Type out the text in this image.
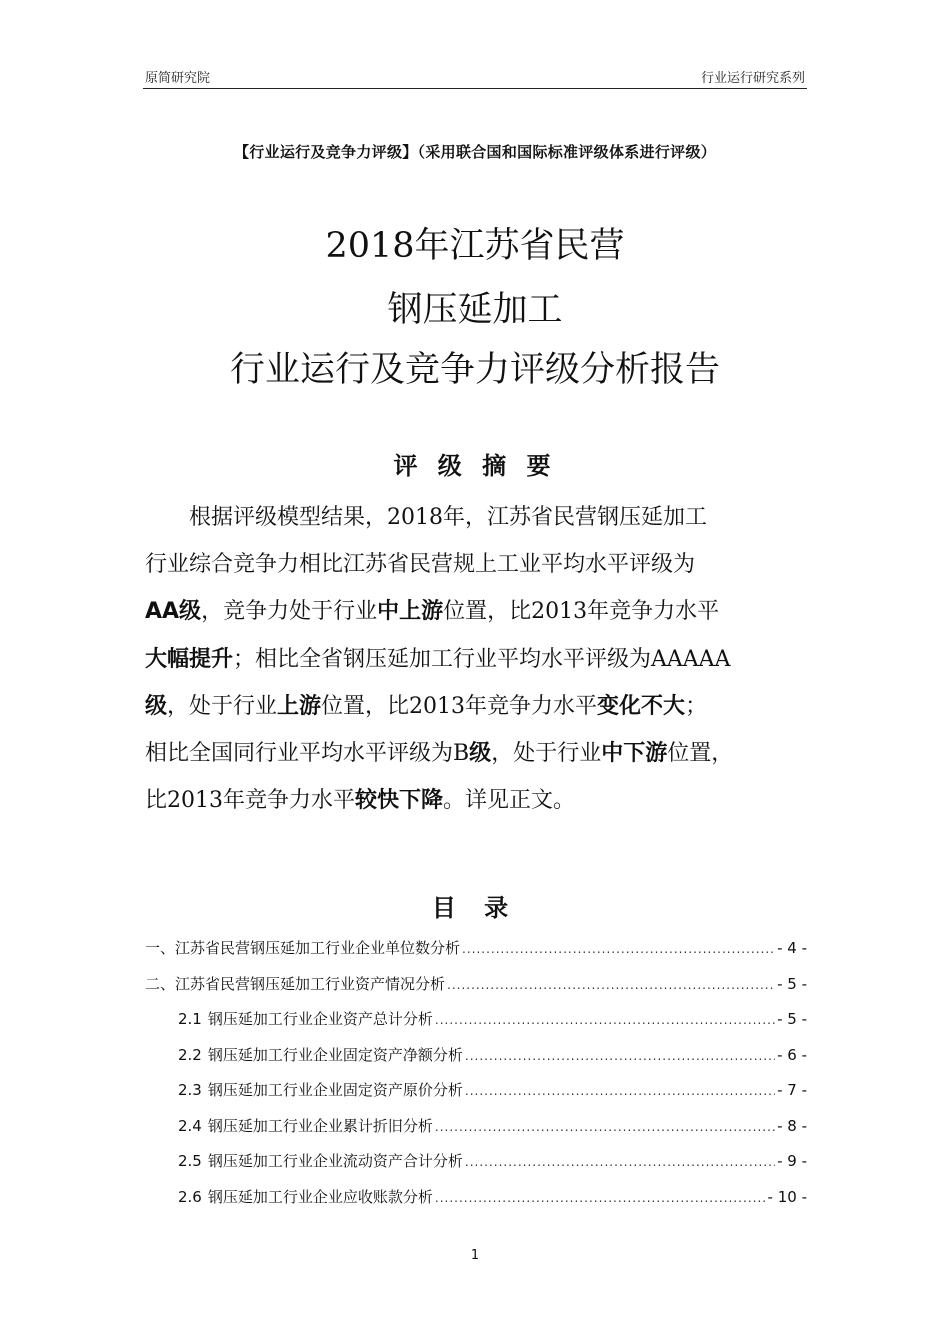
原简研究院	行业运行研究系列
【行业运行及竞争力评级】（采用联合国和国际标准评级体系进行评级）
2018年江苏省民营
钢压延加工
行业运行及竞争力评级分析报告
评 级 摘 要
根据评级模型结果，2018年，江苏省民营钢压延加工
行业综合竞争力相比江苏省民营规上工业平均水平评级为
AA级，竞争力处于行业中上游位置，比2013年竞争力水平
大幅提升；相比全省钢压延加工行业平均水平评级为AAAAA
级，处于行业上游位置，比2013年竞争力水平变化不大；
相比全国同行业平均水平评级为B级，处于行业中下游位置，
比2013年竞争力水平较快下降。详见正文。
目 录
一、江苏省民营钢压延加工行业企业单位数分析 .....	- 4 -
二、江苏省民营钢压延加工行业资产情况分析 .....	- 5 -
2.1 钢压延加工行业企业资产总计分析 .....	- 5 -
2.2 钢压延加工行业企业固定资产净额分析 .....	- 6 -
2.3 钢压延加工行业企业固定资产原价分析 .....	- 7 -
2.4 钢压延加工行业企业累计折旧分析 .....	- 8 -
2.5 钢压延加工行业企业流动资产合计分析 .....	- 9 -
2.6 钢压延加工行业企业应收账款分析 .....	- 10 -
1
